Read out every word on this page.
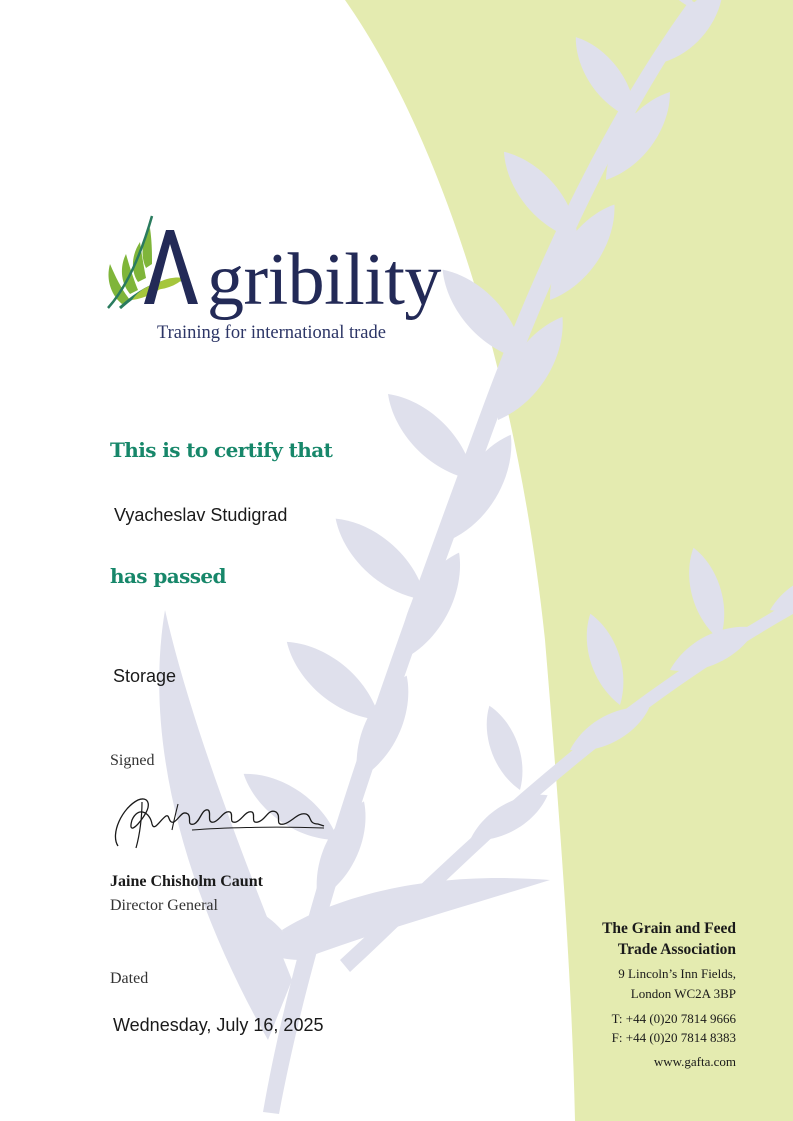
gribility
Training for international trade
This is to certify that
Vyacheslav Studigrad
has passed
Storage
Signed
Jaine Chisholm Caunt
Director General
Dated
Wednesday, July 16, 2025
The Grain and Feed
Trade Association
9 Lincoln’s Inn Fields,
London WC2A 3BP
T: +44 (0)20 7814 9666
F: +44 (0)20 7814 8383
www.gafta.com
